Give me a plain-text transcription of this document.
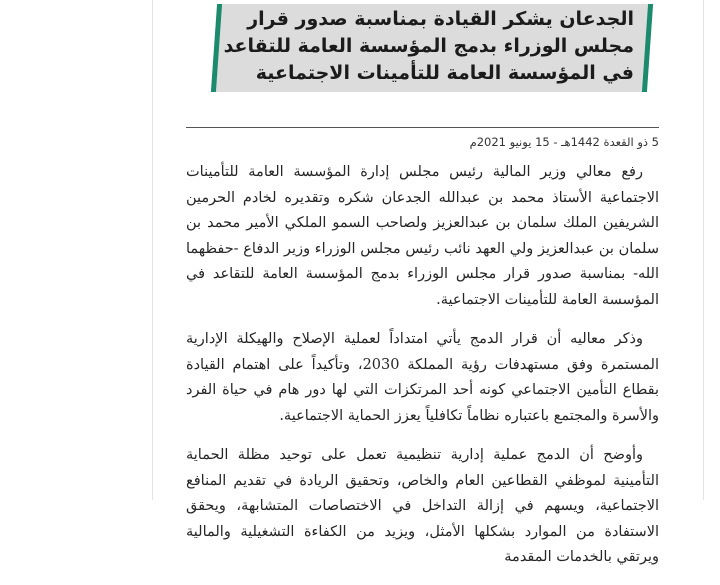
الجدعان يشكر القيادة بمناسبة صدور قرار مجلس الوزراء بدمج المؤسسة العامة للتقاعد في المؤسسة العامة للتأمينات الاجتماعية
5 ذو القعدة 1442هـ - 15 يونيو 2021م

رفع معالي وزير المالية رئيس مجلس إدارة المؤسسة العامة للتأمينات الاجتماعية الأستاذ محمد بن عبدالله الجدعان شكره وتقديره لخادم الحرمين الشريفين الملك سلمان بن عبدالعزيز ولصاحب السمو الملكي الأمير محمد بن سلمان بن عبدالعزيز ولي العهد نائب رئيس مجلس الوزراء وزير الدفاع -حفظهما الله- بمناسبة صدور قرار مجلس الوزراء بدمج المؤسسة العامة للتقاعد في المؤسسة العامة للتأمينات الاجتماعية.

وذكر معاليه أن قرار الدمج يأتي امتداداً لعملية الإصلاح والهيكلة الإدارية المستمرة وفق مستهدفات رؤية المملكة 2030، وتأكيداً على اهتمام القيادة بقطاع التأمين الاجتماعي كونه أحد المرتكزات التي لها دور هام في حياة الفرد والأسرة والمجتمع باعتباره نظاماً تكافلياً يعزز الحماية الاجتماعية.

وأوضح أن الدمج عملية إدارية تنظيمية تعمل على توحيد مظلة الحماية التأمينية لموظفي القطاعين العام والخاص، وتحقيق الريادة في تقديم المنافع الاجتماعية، ويسهم في إزالة التداخل في الاختصاصات المتشابهة، ويحقق الاستفادة من الموارد بشكلها الأمثل، ويزيد من الكفاءة التشغيلية والمالية ويرتقي بالخدمات المقدمة
